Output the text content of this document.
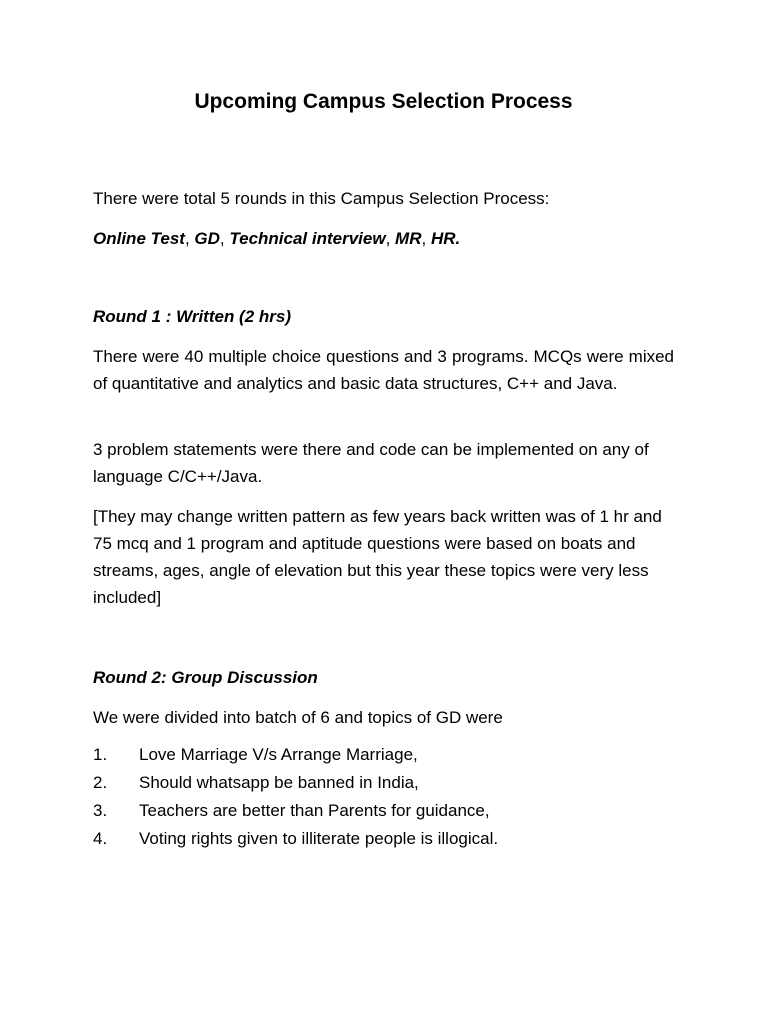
Upcoming Campus Selection Process

There were total 5 rounds in this Campus Selection Process:

Online Test, GD, Technical interview, MR, HR.

Round 1 : Written (2 hrs)

There were 40 multiple choice questions and 3 programs. MCQs were mixed of quantitative and analytics and basic data structures, C++ and Java.

3 problem statements were there and code can be implemented on any of language C/C++/Java.

[They may change written pattern as few years back written was of 1 hr and 75 mcq and 1 program and aptitude questions were based on boats and streams, ages, angle of elevation but this year these topics were very less included]

Round 2: Group Discussion

We were divided into batch of 6 and topics of GD were

1. Love Marriage V/s Arrange Marriage,
2. Should whatsapp be banned in India,
3. Teachers are better than Parents for guidance,
4. Voting rights given to illiterate people is illogical.
